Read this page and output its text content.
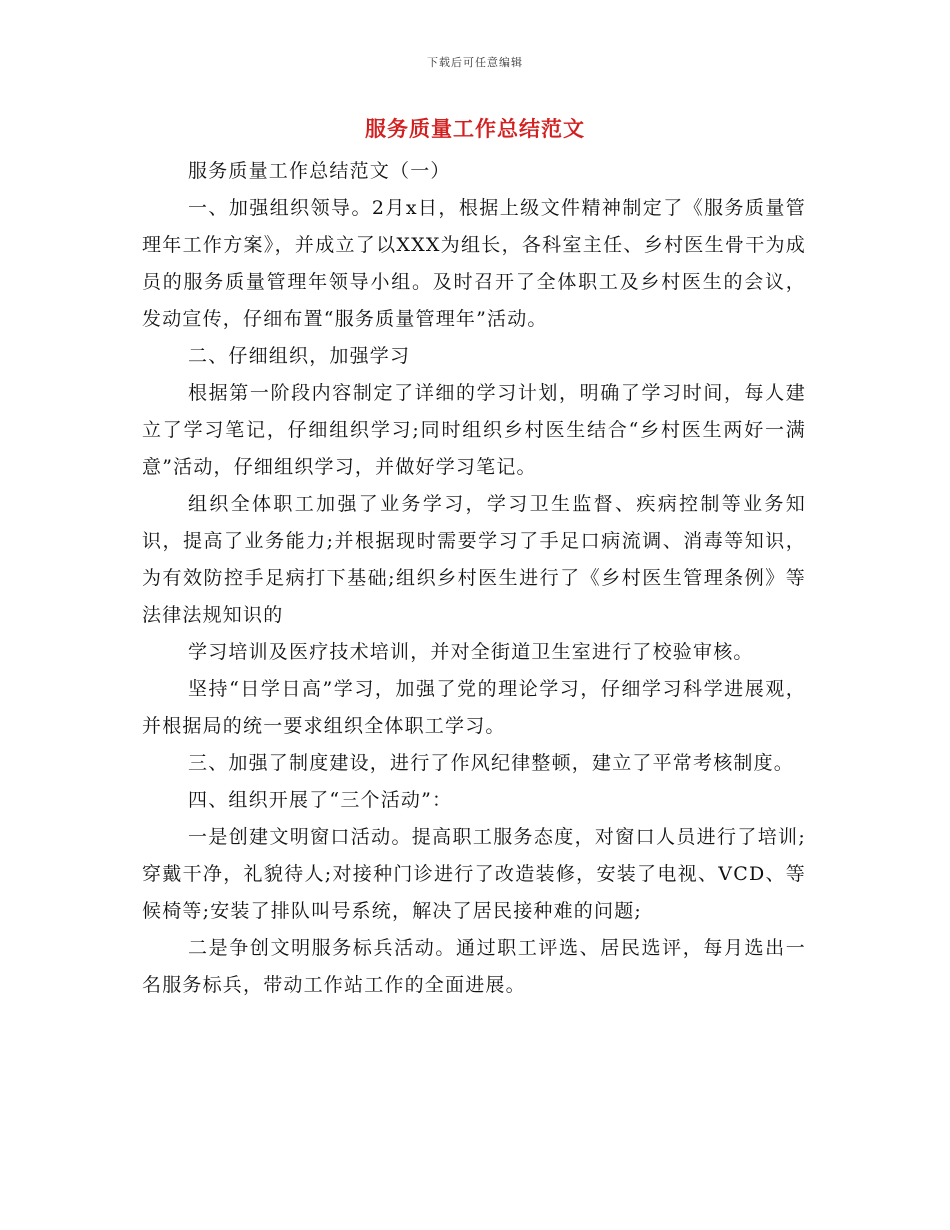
下载后可任意编辑
服务质量工作总结范文

服务质量工作总结范文（一）

一、加强组织领导。2月x日，根据上级文件精神制定了《服务质量管理年工作方案》，并成立了以XXX为组长，各科室主任、乡村医生骨干为成员的服务质量管理年领导小组。及时召开了全体职工及乡村医生的会议，发动宣传，仔细布置“服务质量管理年”活动。

二、仔细组织，加强学习

根据第一阶段内容制定了详细的学习计划，明确了学习时间，每人建立了学习笔记，仔细组织学习;同时组织乡村医生结合“乡村医生两好一满意”活动，仔细组织学习，并做好学习笔记。

组织全体职工加强了业务学习，学习卫生监督、疾病控制等业务知识，提高了业务能力;并根据现时需要学习了手足口病流调、消毒等知识，为有效防控手足病打下基础;组织乡村医生进行了《乡村医生管理条例》等法律法规知识的

学习培训及医疗技术培训，并对全街道卫生室进行了校验审核。

坚持“日学日高”学习，加强了党的理论学习，仔细学习科学进展观，并根据局的统一要求组织全体职工学习。

三、加强了制度建设，进行了作风纪律整顿，建立了平常考核制度。

四、组织开展了“三个活动”：

一是创建文明窗口活动。提高职工服务态度，对窗口人员进行了培训;穿戴干净，礼貌待人;对接种门诊进行了改造装修，安装了电视、VCD、等候椅等;安装了排队叫号系统，解决了居民接种难的问题;

二是争创文明服务标兵活动。通过职工评选、居民选评，每月选出一名服务标兵，带动工作站工作的全面进展。
